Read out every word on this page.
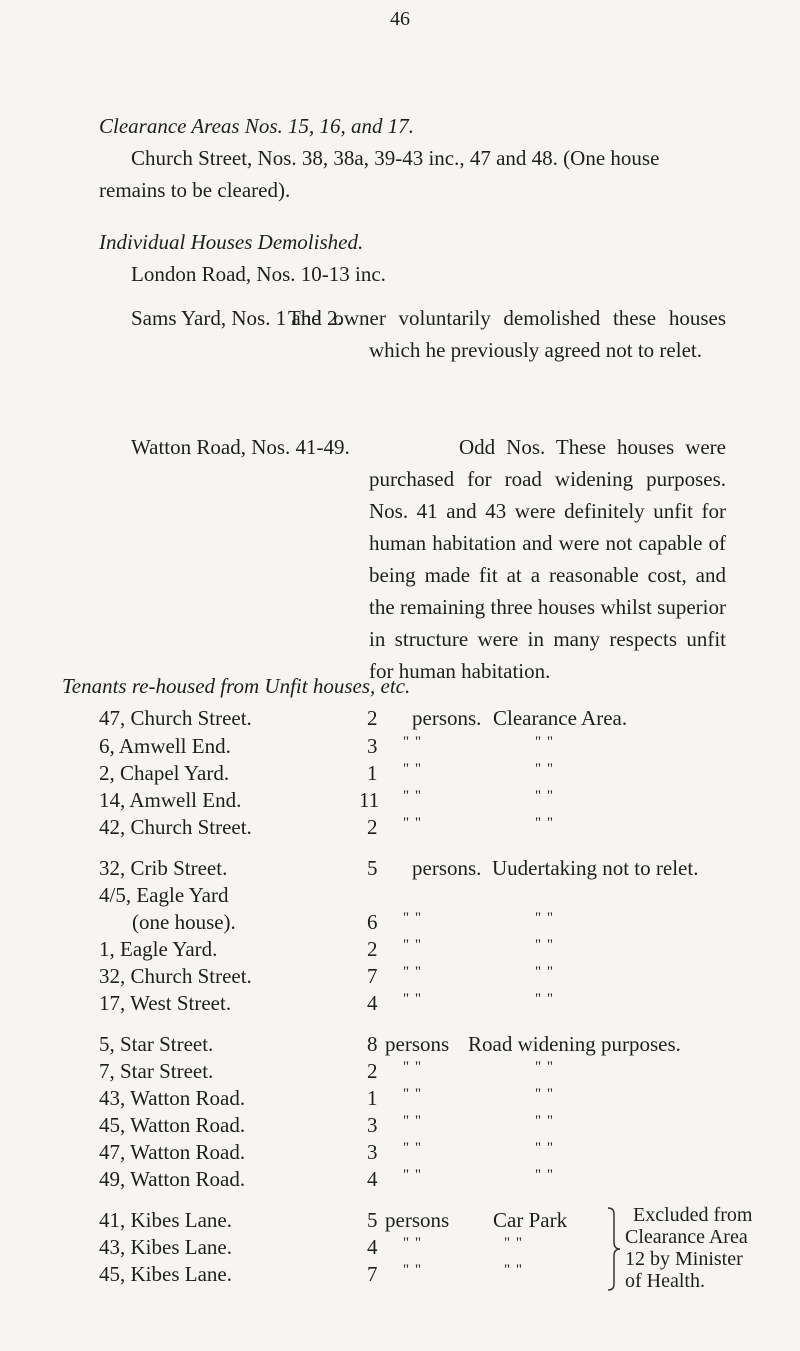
46
Clearance Areas Nos. 15, 16, and 17.
Church Street, Nos. 38, 38a, 39-43 inc., 47 and 48. (One house
remains to be cleared).
Individual Houses Demolished.
London Road, Nos. 10-13 inc.
Sams Yard, Nos. 1 and 2.
The owner voluntarily demolished these houses which he previously agreed not to relet.
Watton Road, Nos. 41-49.	Odd Nos. These houses were purchased for road widening purposes. Nos. 41 and 43 were definitely unfit for human habitation and were not capable of being made fit at a reasonable cost, and the remaining three houses whilst superior in structure were in many respects unfit for human habitation.
Tenants re-housed from Unfit houses, etc.
47, Church Street.	2 persons. Clearance Area.
6, Amwell End.	3 " "	" "
2, Chapel Yard.	1 " "	" "
14, Amwell End.	11 " "	" "
42, Church Street.	2 " "	" "
32, Crib Street.	5 persons. Uudertaking not to relet.
4/5, Eagle Yard
(one house).	6 " "	" "
1, Eagle Yard.	2 " "	" "
32, Church Street.	7 " "	" "
17, West Street.	4 " "	" "
5, Star Street.	8 persons Road widening purposes.
7, Star Street.	2 " "	" "
43, Watton Road.	1 " "	" "
45, Watton Road.	3 " "	" "
47, Watton Road.	3 " "	" "
49, Watton Road.	4 " "	" "
41, Kibes Lane.	5 persons Car Park
43, Kibes Lane.	4 " "	" "
45, Kibes Lane.	7 " "	" "
Excluded from
Clearance Area
12 by Minister
of Health.
